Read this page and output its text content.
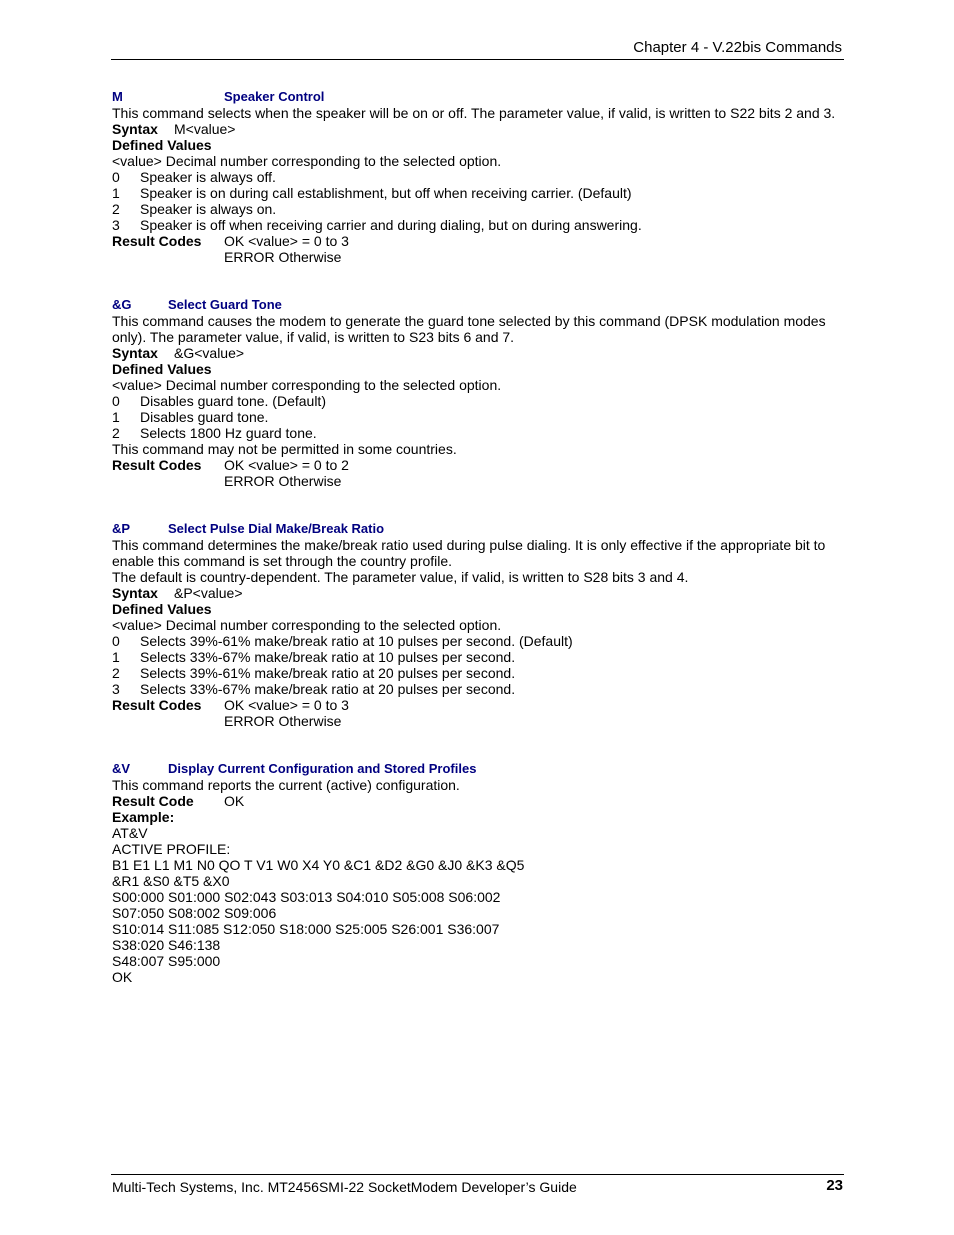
Chapter 4 - V.22bis Commands
M	Speaker Control
This command selects when the speaker will be on or off. The parameter value, if valid, is written to S22 bits 2 and 3.
Syntax M<value>
Defined Values
<value> Decimal number corresponding to the selected option.
0 Speaker is always off.
1 Speaker is on during call establishment, but off when receiving carrier. (Default)
2 Speaker is always on.
3 Speaker is off when receiving carrier and during dialing, but on during answering.
Result Codes OK <value> = 0 to 3
ERROR Otherwise
&G	Select Guard Tone
This command causes the modem to generate the guard tone selected by this command (DPSK modulation modes only). The parameter value, if valid, is written to S23 bits 6 and 7.
Syntax &G<value>
Defined Values
<value> Decimal number corresponding to the selected option.
0 Disables guard tone. (Default)
1 Disables guard tone.
2 Selects 1800 Hz guard tone.
This command may not be permitted in some countries.
Result Codes OK <value> = 0 to 2
ERROR Otherwise
&P	Select Pulse Dial Make/Break Ratio
This command determines the make/break ratio used during pulse dialing. It is only effective if the appropriate bit to enable this command is set through the country profile.
The default is country-dependent. The parameter value, if valid, is written to S28 bits 3 and 4.
Syntax &P<value>
Defined Values
<value> Decimal number corresponding to the selected option.
0 Selects 39%-61% make/break ratio at 10 pulses per second. (Default)
1 Selects 33%-67% make/break ratio at 10 pulses per second.
2 Selects 39%-61% make/break ratio at 20 pulses per second.
3 Selects 33%-67% make/break ratio at 20 pulses per second.
Result Codes OK <value> = 0 to 3
ERROR Otherwise
&V	Display Current Configuration and Stored Profiles
This command reports the current (active) configuration.
Result Code OK
Example:
AT&V
ACTIVE PROFILE:
B1 E1 L1 M1 N0 QO T V1 W0 X4 Y0 &C1 &D2 &G0 &J0 &K3 &Q5
&R1 &S0 &T5 &X0
S00:000 S01:000 S02:043 S03:013 S04:010 S05:008 S06:002
S07:050 S08:002 S09:006
S10:014 S11:085 S12:050 S18:000 S25:005 S26:001 S36:007
S38:020 S46:138
S48:007 S95:000
OK
Multi-Tech Systems, Inc. MT2456SMI-22 SocketModem Developer’s Guide	23
